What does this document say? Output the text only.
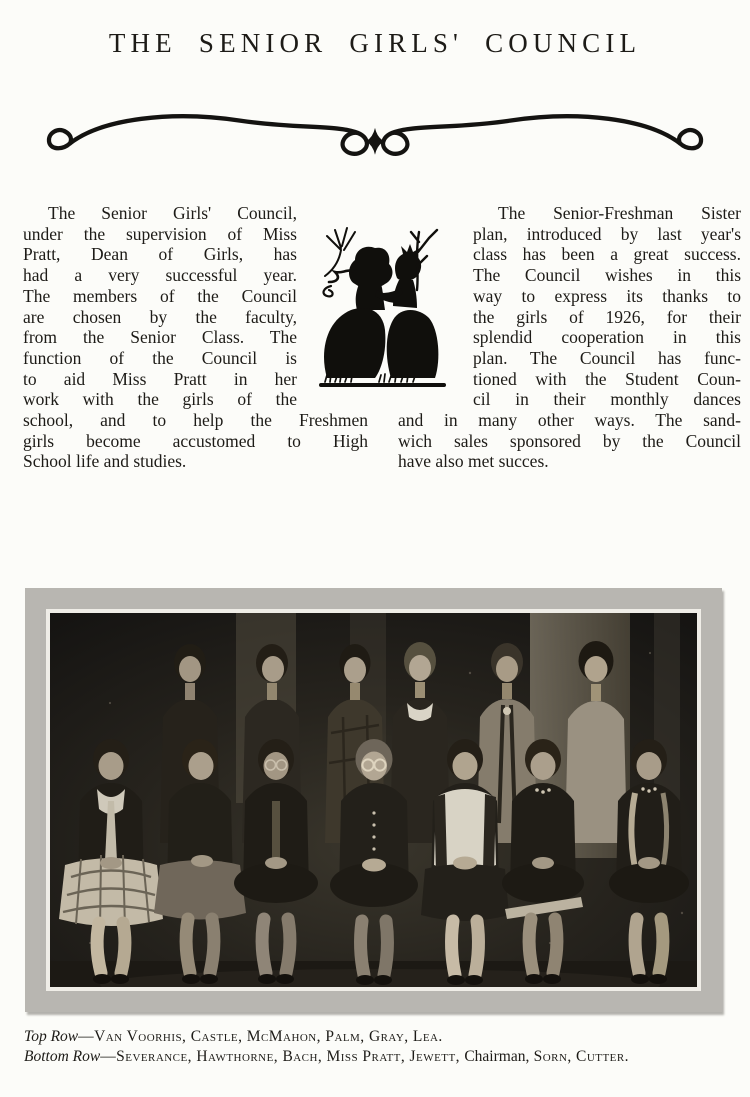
THE SENIOR GIRLS' COUNCIL
The Senior Girls' Council,
under the supervision of Miss
Pratt, Dean of Girls, has
had a very successful year.
The members of the Council
are chosen by the faculty,
from the Senior Class. The
function of the Council is
to aid Miss Pratt in her
work with the girls of the
The Senior-Freshman Sister
plan, introduced by last year's
class has been a great success.
The Council wishes in this
way to express its thanks to
the girls of 1926, for their
splendid cooperation in this
plan. The Council has func-
tioned with the Student Coun-
cil in their monthly dances
school, and to help the Freshmen
girls become accustomed to High
School life and studies.
and in many other ways. The sand-
wich sales sponsored by the Council
have also met succes.
Top Row—Van Voorhis, Castle, McMahon, Palm, Gray, Lea.
Bottom Row—Severance, Hawthorne, Bach, Miss Pratt, Jewett, Chairman, Sorn, Cutter.
